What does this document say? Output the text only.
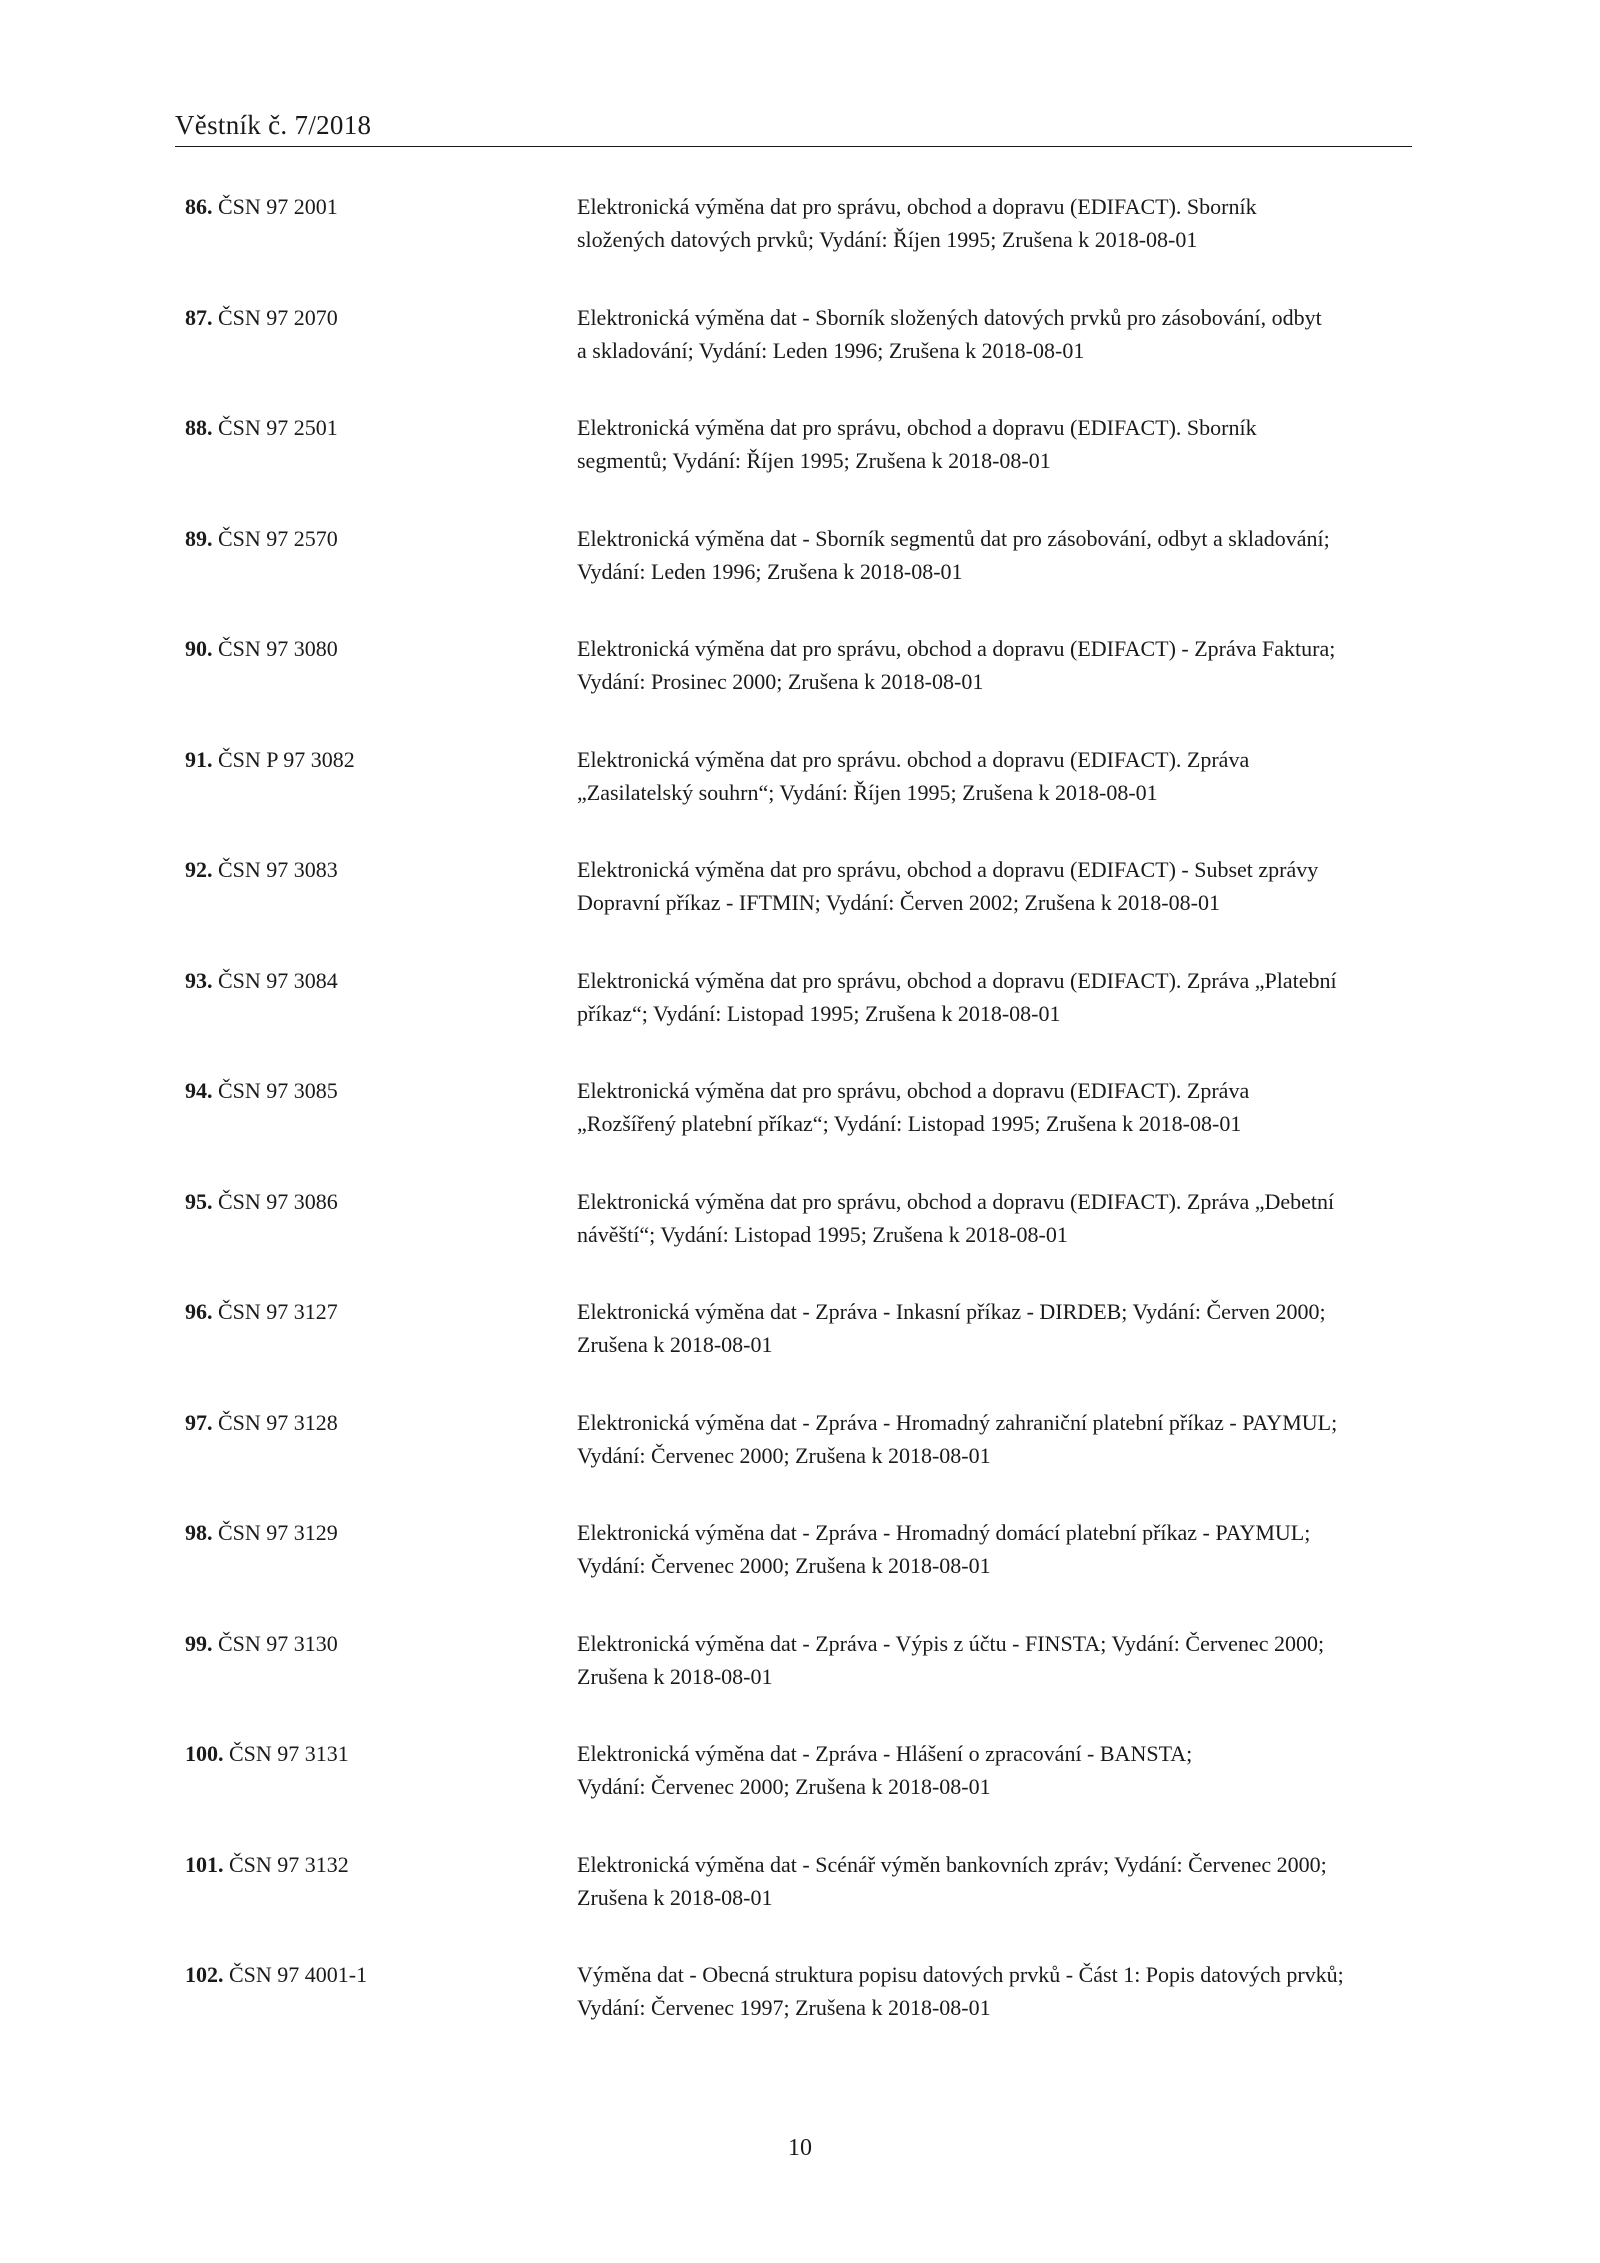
Věstník č. 7/2018
86. ČSN 97 2001	Elektronická výměna dat pro správu, obchod a dopravu (EDIFACT). Sborník
složených datových prvků; Vydání: Říjen 1995; Zrušena k 2018-08-01
87. ČSN 97 2070	Elektronická výměna dat - Sborník složených datových prvků pro zásobování, odbyt
a skladování; Vydání: Leden 1996; Zrušena k 2018-08-01
88. ČSN 97 2501	Elektronická výměna dat pro správu, obchod a dopravu (EDIFACT). Sborník
segmentů; Vydání: Říjen 1995; Zrušena k 2018-08-01
89. ČSN 97 2570	Elektronická výměna dat - Sborník segmentů dat pro zásobování, odbyt a skladování;
Vydání: Leden 1996; Zrušena k 2018-08-01
90. ČSN 97 3080	Elektronická výměna dat pro správu, obchod a dopravu (EDIFACT) - Zpráva Faktura;
Vydání: Prosinec 2000; Zrušena k 2018-08-01
91. ČSN P 97 3082	Elektronická výměna dat pro správu. obchod a dopravu (EDIFACT). Zpráva
„Zasilatelský souhrn“; Vydání: Říjen 1995; Zrušena k 2018-08-01
92. ČSN 97 3083	Elektronická výměna dat pro správu, obchod a dopravu (EDIFACT) - Subset zprávy
Dopravní příkaz - IFTMIN; Vydání: Červen 2002; Zrušena k 2018-08-01
93. ČSN 97 3084	Elektronická výměna dat pro správu, obchod a dopravu (EDIFACT). Zpráva „Platební
příkaz“; Vydání: Listopad 1995; Zrušena k 2018-08-01
94. ČSN 97 3085	Elektronická výměna dat pro správu, obchod a dopravu (EDIFACT). Zpráva
„Rozšířený platební příkaz“; Vydání: Listopad 1995; Zrušena k 2018-08-01
95. ČSN 97 3086	Elektronická výměna dat pro správu, obchod a dopravu (EDIFACT). Zpráva „Debetní
návěští“; Vydání: Listopad 1995; Zrušena k 2018-08-01
96. ČSN 97 3127	Elektronická výměna dat - Zpráva - Inkasní příkaz - DIRDEB; Vydání: Červen 2000;
Zrušena k 2018-08-01
97. ČSN 97 3128	Elektronická výměna dat - Zpráva - Hromadný zahraniční platební příkaz - PAYMUL;
Vydání: Červenec 2000; Zrušena k 2018-08-01
98. ČSN 97 3129	Elektronická výměna dat - Zpráva - Hromadný domácí platební příkaz - PAYMUL;
Vydání: Červenec 2000; Zrušena k 2018-08-01
99. ČSN 97 3130	Elektronická výměna dat - Zpráva - Výpis z účtu - FINSTA; Vydání: Červenec 2000;
Zrušena k 2018-08-01
100. ČSN 97 3131	Elektronická výměna dat - Zpráva - Hlášení o zpracování - BANSTA;
Vydání: Červenec 2000; Zrušena k 2018-08-01
101. ČSN 97 3132	Elektronická výměna dat - Scénář výměn bankovních zpráv; Vydání: Červenec 2000;
Zrušena k 2018-08-01
102. ČSN 97 4001-1	Výměna dat - Obecná struktura popisu datových prvků - Část 1: Popis datových prvků;
Vydání: Červenec 1997; Zrušena k 2018-08-01
10
